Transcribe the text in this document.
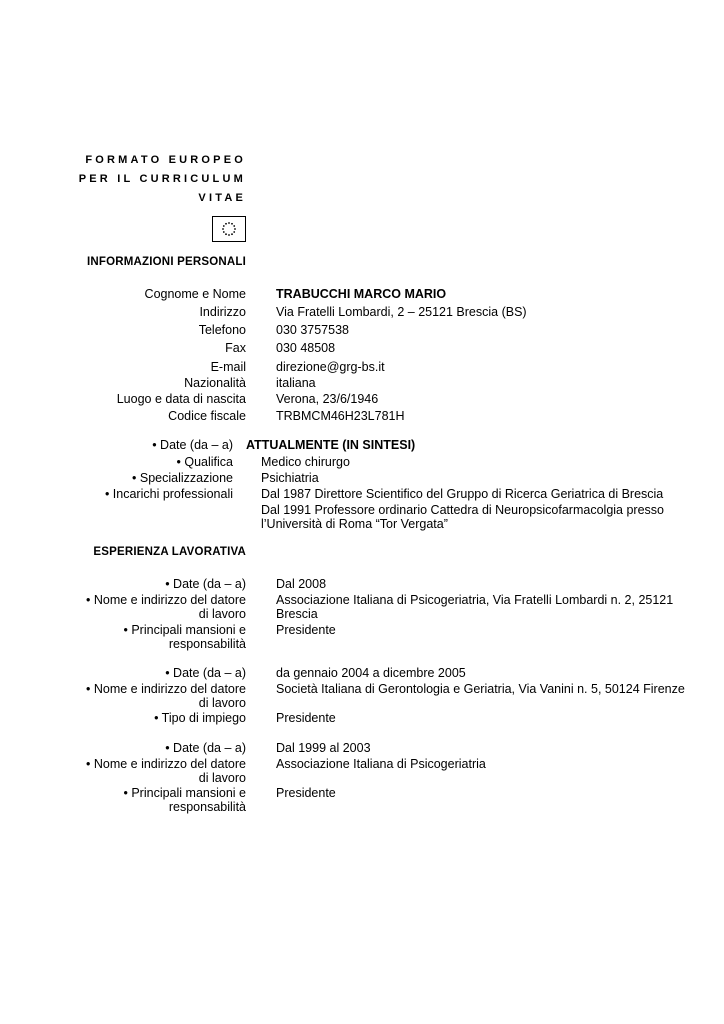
FORMATO EUROPEO
PER IL CURRICULUM
VITAE
INFORMAZIONI PERSONALI
Cognome e Nome TRABUCCHI MARCO MARIO
Indirizzo Via Fratelli Lombardi, 2 – 25121 Brescia (BS)
Telefono 030 3757538
Fax 030 48508
E-mail direzione@grg-bs.it
Nazionalità italiana
Luogo e data di nascita Verona, 23/6/1946
Codice fiscale TRBMCM46H23L781H
• Date (da – a) ATTUALMENTE (IN SINTESI)
• Qualifica Medico chirurgo
• Specializzazione Psichiatria
• Incarichi professionali Dal 1987 Direttore Scientifico del Gruppo di Ricerca Geriatrica di Brescia
Dal 1991 Professore ordinario Cattedra di Neuropsicofarmacolgia presso
l’Università di Roma “Tor Vergata”
ESPERIENZA LAVORATIVA
• Date (da – a) Dal 2008
• Nome e indirizzo del datore
di lavoro
Associazione Italiana di Psicogeriatria, Via Fratelli Lombardi n. 2, 25121
Brescia
• Principali mansioni e
responsabilità
Presidente
• Date (da – a) da gennaio 2004 a dicembre 2005
• Nome e indirizzo del datore
di lavoro
Società Italiana di Gerontologia e Geriatria, Via Vanini n. 5, 50124 Firenze
• Tipo di impiego Presidente
• Date (da – a) Dal 1999 al 2003
• Nome e indirizzo del datore
di lavoro
Associazione Italiana di Psicogeriatria
• Principali mansioni e
responsabilità
Presidente
